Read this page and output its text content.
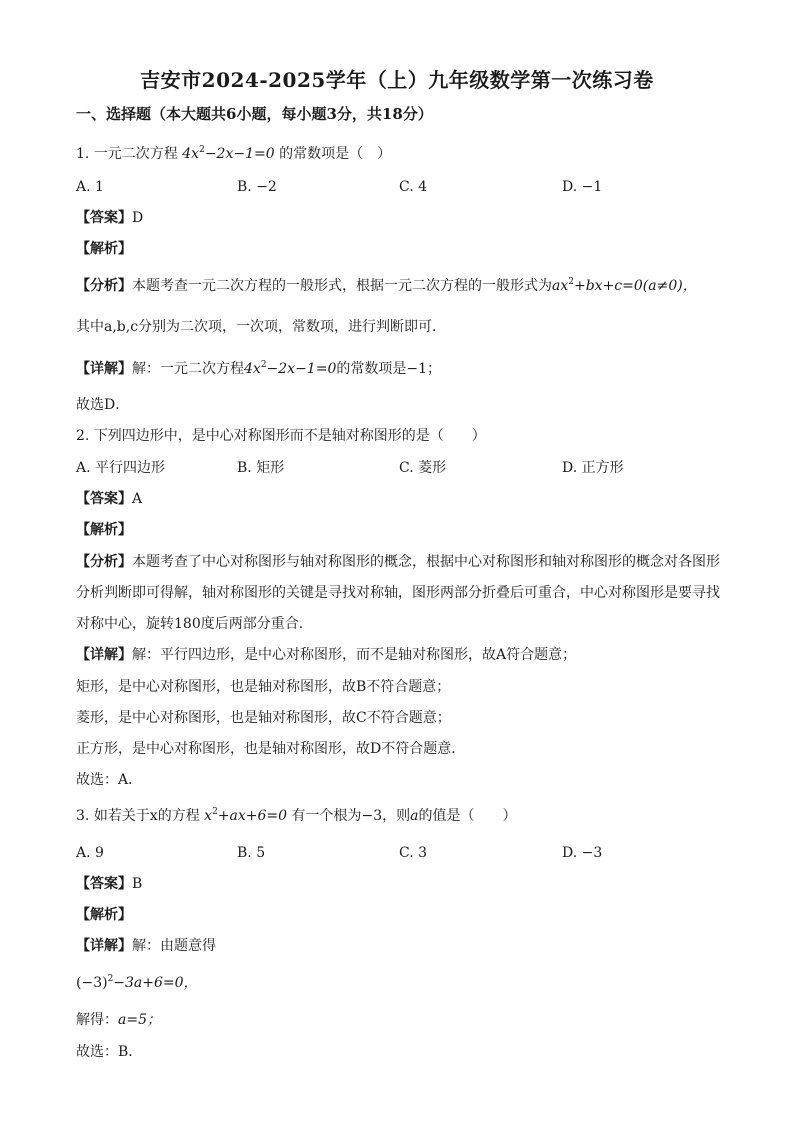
吉安市2024-2025学年（上）九年级数学第一次练习卷
一、选择题（本大题共6小题，每小题3分，共18分）
1. 一元二次方程 $4x^2-2x-1=0$ 的常数项是（　）
A. 1	B. −2	C. 4	D. −1
【答案】D
【解析】
【分析】本题考查一元二次方程的一般形式，根据一元二次方程的一般形式为$ax^2+bx+c=0(a\ne 0)$，
其中a,b,c分别为二次项，一次项，常数项，进行判断即可．
【详解】解：一元二次方程$4x^2-2x-1=0$的常数项是−1；
故选D．
2. 下列四边形中，是中心对称图形而不是轴对称图形的是（　　）
A. 平行四边形	B. 矩形	C. 菱形	D. 正方形
【答案】A
【解析】
【分析】本题考查了中心对称图形与轴对称图形的概念，根据中心对称图形和轴对称图形的概念对各图形
分析判断即可得解，轴对称图形的关键是寻找对称轴，图形两部分折叠后可重合，中心对称图形是要寻找
对称中心，旋转180度后两部分重合．
【详解】解：平行四边形，是中心对称图形，而不是轴对称图形，故A符合题意；
矩形，是中心对称图形，也是轴对称图形，故B不符合题意；
菱形，是中心对称图形，也是轴对称图形，故C不符合题意；
正方形，是中心对称图形，也是轴对称图形，故D不符合题意．
故选：A．
3. 如若关于x的方程 $x^2+ax+6=0$ 有一个根为−3，则a的值是（　　）
A. 9	B. 5	C. 3	D. −3
【答案】B
【解析】
【详解】解：由题意得
$(-3)^2-3a+6=0$，
解得：a=5；
故选：B．
